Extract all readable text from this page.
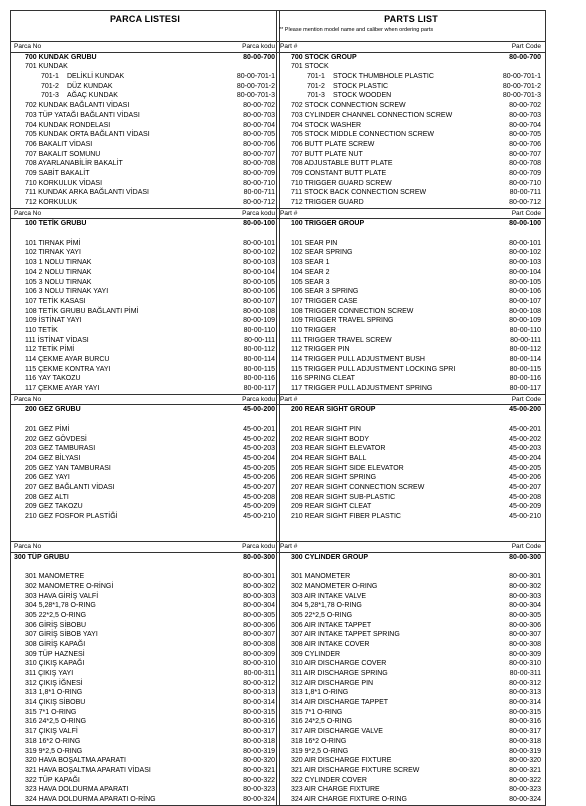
PARCA LISTESI
Parca No	Parca kodu
700 KUNDAK GRUBU	80-00-700
701 KUNDAK
701-1 DELİKLİ KUNDAK	80-00-701-1
701-2 DÜZ KUNDAK	80-00-701-2
701-3 AĞAÇ KUNDAK	80-00-701-3
702 KUNDAK BAĞLANTI VİDASI	80-00-702
703 TÜP YATAĞI BAĞLANTI VİDASI	80-00-703
704 KUNDAK RONDELASI	80-00-704
705 KUNDAK ORTA BAĞLANTI VİDASI	80-00-705
706 BAKALIT VİDASI	80-00-706
707 BAKALIT SOMUNU	80-00-707
708 AYARLANABİLİR BAKALİT	80-00-708
709 SABİT BAKALİT	80-00-709
710 KORKULUK VİDASI	80-00-710
711 KUNDAK ARKA BAĞLANTI VİDASI	80-00-711
712 KORKULUK	80-00-712
Parca No	Parca kodu
100 TETİK GRUBU	80-00-100
101 TIRNAK PİMİ	80-00-101
102 TIRNAK YAYI	80-00-102
103 1 NOLU TIRNAK	80-00-103
104 2 NOLU TIRNAK	80-00-104
105 3 NOLU TIRNAK	80-00-105
106 3 NOLU TIRNAK YAYI	80-00-106
107 TETİK KASASI	80-00-107
108 TETİK GRUBU BAĞLANTI PİMİ	80-00-108
109 İSTİNAT YAYI	80-00-109
110 TETİK	80-00-110
111 İSTİNAT VİDASI	80-00-111
112 TETİK PİMİ	80-00-112
114 ÇEKME AYAR BURCU	80-00-114
115 ÇEKME KONTRA YAYI	80-00-115
116 YAY TAKOZU	80-00-116
117 ÇEKME AYAR YAYI	80-00-117
Parca No	Parca kodu
200 GEZ GRUBU	45-00-200
201 GEZ PİMİ	45-00-201
202 GEZ GÖVDESİ	45-00-202
203 GEZ TAMBURASI	45-00-203
204 GEZ BİLYASI	45-00-204
205 GEZ YAN TAMBURASI	45-00-205
206 GEZ YAYI	45-00-206
207 GEZ BAĞLANTI VİDASI	45-00-207
208 GEZ ALTI	45-00-208
209 GEZ TAKOZU	45-00-209
210 GEZ FOSFOR PLASTİĞİ	45-00-210
Parca No	Parca kodu
300 TÜP GRUBU	80-00-300
301 MANOMETRE	80-00-301
302 MANOMETRE O-RİNGİ	80-00-302
303 HAVA GİRİŞ VALFİ	80-00-303
304 5,28*1,78 O-RING	80-00-304
305 22*2,5 O-RING	80-00-305
306 GİRİŞ SİBOBU	80-00-306
307 GİRİŞ SİBOB YAYI	80-00-307
308 GİRİŞ KAPAĞI	80-00-308
309 TÜP HAZNESİ	80-00-309
310 ÇIKIŞ KAPAĞI	80-00-310
311 ÇIKIŞ YAYI	80-00-311
312 ÇIKIŞ İĞNESİ	80-00-312
313 1,8*1 O-RING	80-00-313
314 ÇIKIŞ SİBOBU	80-00-314
315 7*1 O-RING	80-00-315
316 24*2,5 O-RING	80-00-316
317 ÇIKIŞ VALFİ	80-00-317
318 16*2 O-RING	80-00-318
319 9*2,5 O-RING	80-00-319
320 HAVA BOŞALTMA APARATI	80-00-320
321 HAVA BOŞALTMA APARATI VİDASI	80-00-321
322 TÜP KAPAĞI	80-00-322
323 HAVA DOLDURMA APARATI	80-00-323
324 HAVA DOLDURMA APARATI O-RİNG	80-00-324
PARTS LIST
** Please mention model name and caliber when ordering parts
Part #	Part Code
700 STOCK GROUP	80-00-700
701 STOCK
701-1 STOCK THUMBHOLE PLASTIC	80-00-701-1
701-2 STOCK PLASTIC	80-00-701-2
701-3 STOCK WOODEN	80-00-701-3
702 STOCK CONNECTION SCREW	80-00-702
703 CYLINDER CHANNEL CONNECTION SCREW	80-00-703
704 STOCK WASHER	80-00-704
705 STOCK MIDDLE CONNECTION SCREW	80-00-705
706 BUTT PLATE SCREW	80-00-706
707 BUTT PLATE NUT	80-00-707
708 ADJUSTABLE BUTT PLATE	80-00-708
709 CONSTANT BUTT PLATE	80-00-709
710 TRIGGER GUARD SCREW	80-00-710
711 STOCK BACK CONNECTION SCREW	80-00-711
712 TRIGGER GUARD	80-00-712
Part #	Part Code
100 TRIGGER GROUP	80-00-100
101 SEAR PIN	80-00-101
102 SEAR SPRING	80-00-102
103 SEAR 1	80-00-103
104 SEAR 2	80-00-104
105 SEAR 3	80-00-105
106 SEAR 3 SPRING	80-00-106
107 TRIGGER CASE	80-00-107
108 TRIGGER CONNECTION SCREW	80-00-108
109 TRIGGER TRAVEL SPRING	80-00-109
110 TRIGGER	80-00-110
111 TRIGGER TRAVEL SCREW	80-00-111
112 TRIGGER PIN	80-00-112
114 TRIGGER PULL ADJUSTMENT BUSH	80-00-114
115 TRIGGER PULL ADJUSTMENT LOCKING SPRI	80-00-115
116 SPRING CLEAT	80-00-116
117 TRIGGER PULL ADJUSTMENT SPRING	80-00-117
Part #	Part Code
200 REAR SIGHT GROUP	45-00-200
201 REAR SIGHT PIN	45-00-201
202 REAR SIGHT BODY	45-00-202
203 REAR SIGHT ELEVATOR	45-00-203
204 REAR SIGHT BALL	45-00-204
205 REAR SIGHT SIDE ELEVATOR	45-00-205
206 REAR SIGHT SPRING	45-00-206
207 REAR SIGHT CONNECTION SCREW	45-00-207
208 REAR SIGHT SUB-PLASTIC	45-00-208
209 REAR SIGHT CLEAT	45-00-209
210 REAR SIGHT FIBER PLASTIC	45-00-210
Part #	Part Code
300 CYLINDER GROUP	80-00-300
301 MANOMETER	80-00-301
302 MANOMETER O-RING	80-00-302
303 AIR INTAKE VALVE	80-00-303
304 5,28*1,78 O-RING	80-00-304
305 22*2,5 O-RING	80-00-305
306 AIR INTAKE TAPPET	80-00-306
307 AIR INTAKE TAPPET SPRING	80-00-307
308 AIR INTAKE COVER	80-00-308
309 CYLINDER	80-00-309
310 AIR DISCHARGE COVER	80-00-310
311 AIR DISCHARGE SPRING	80-00-311
312 AIR DISCHARGE PIN	80-00-312
313 1,8*1 O-RING	80-00-313
314 AIR DISCHARGE TAPPET	80-00-314
315 7*1 O-RING	80-00-315
316 24*2,5 O-RING	80-00-316
317 AIR DISCHARGE VALVE	80-00-317
318 16*2 O-RING	80-00-318
319 9*2,5 O-RING	80-00-319
320 AIR DISCHARGE FIXTURE	80-00-320
321 AIR DISCHARGE FIXTURE SCREW	80-00-321
322 CYLINDER COVER	80-00-322
323 AIR CHARGE FIXTURE	80-00-323
324 AIR CHARGE FIXTURE O-RING	80-00-324
